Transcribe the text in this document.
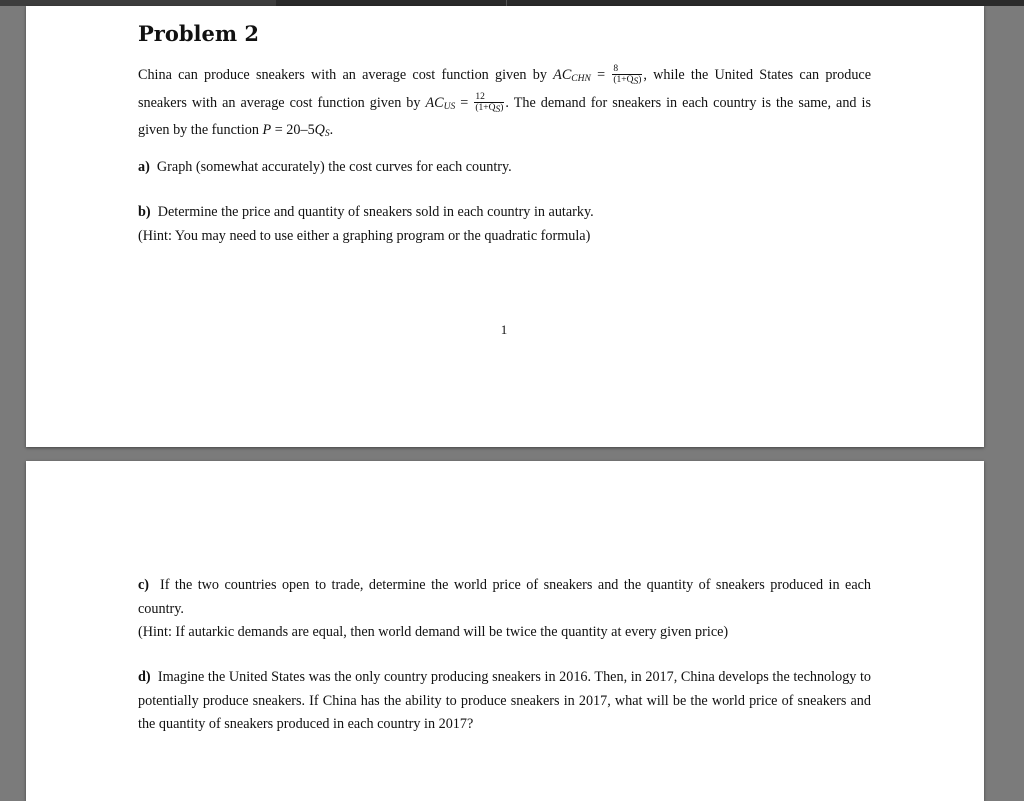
Problem 2

China can produce sneakers with an average cost function given by $AC_{CHN} = \frac{8}{(1+QS)}$ , while the United States can produce sneakers with an average cost function given by $AC_{US} = \frac{12}{(1+QS)}$ . The demand for sneakers in each country is the same, and is given by the function $P = 20-5Q_S$.

a) Graph (somewhat accurately) the cost curves for each country.

b) Determine the price and quantity of sneakers sold in each country in autarky.
(Hint: You may need to use either a graphing program or the quadratic formula)

1

c) If the two countries open to trade, determine the world price of sneakers and the quantity of sneakers produced in each country.
(Hint: If autarkic demands are equal, then world demand will be twice the quantity at every given price)

d) Imagine the United States was the only country producing sneakers in 2016. Then, in 2017, China develops the technology to potentially produce sneakers. If China has the ability to produce sneakers in 2017, what will be the world price of sneakers and the quantity of sneakers produced in each country in 2017?
